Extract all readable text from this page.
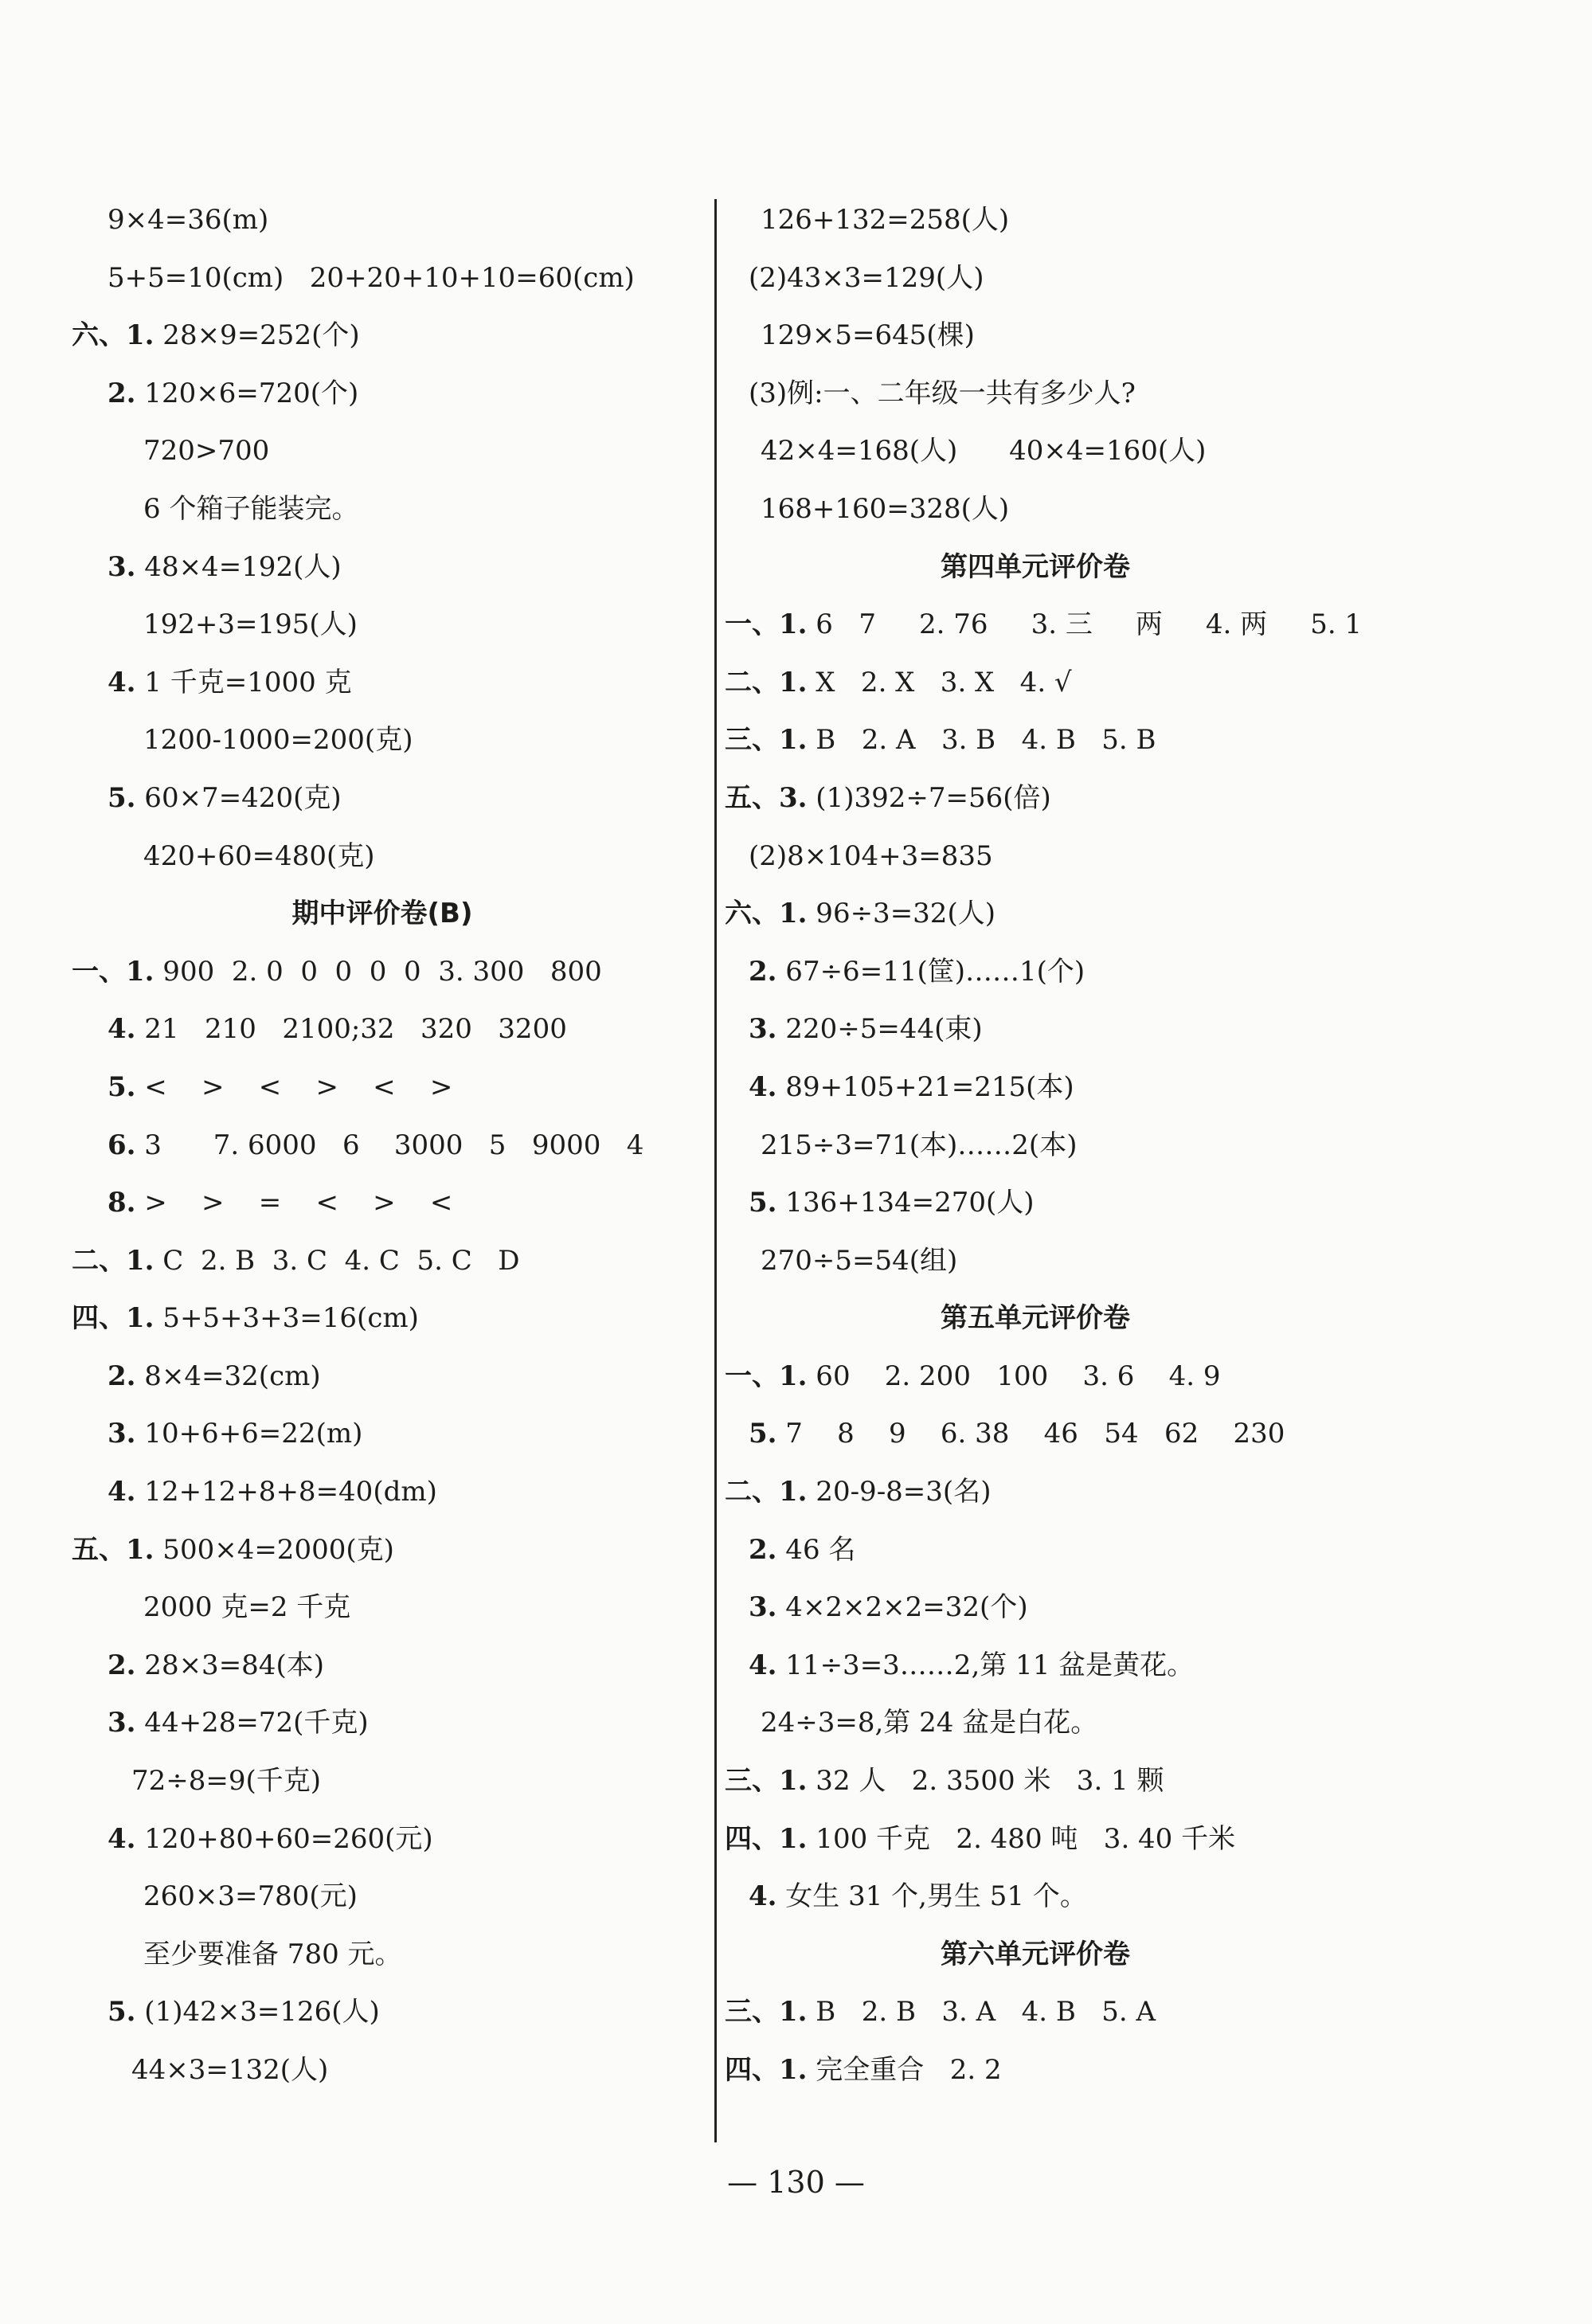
9×4=36(m)
5+5=10(cm)   20+20+10+10=60(cm)
六、1. 28×9=252(个)
2. 120×6=720(个)
720>700
6 个箱子能装完。
3. 48×4=192(人)
192+3=195(人)
4. 1 千克=1000 克
1200-1000=200(克)
5. 60×7=420(克)
420+60=480(克)
期中评价卷(B)
一、1. 900  2. 0  0  0  0  0  3. 300   800
4. 21   210   2100;32   320   3200
5. <    >    <    >    <    >
6. 3      7. 6000   6    3000   5   9000   4
8. >    >    =    <    >    <
二、1. C  2. B  3. C  4. C  5. C   D
四、1. 5+5+3+3=16(cm)
2. 8×4=32(cm)
3. 10+6+6=22(m)
4. 12+12+8+8=40(dm)
五、1. 500×4=2000(克)
2000 克=2 千克
2. 28×3=84(本)
3. 44+28=72(千克)
72÷8=9(千克)
4. 120+80+60=260(元)
260×3=780(元)
至少要准备 780 元。
5. (1)42×3=126(人)
44×3=132(人)
126+132=258(人)
(2)43×3=129(人)
129×5=645(棵)
(3)例:一、二年级一共有多少人?
42×4=168(人)      40×4=160(人)
168+160=328(人)
第四单元评价卷
一、1. 6   7     2. 76     3. 三     两     4. 两     5. 1
二、1. X   2. X   3. X   4. √
三、1. B   2. A   3. B   4. B   5. B
五、3. (1)392÷7=56(倍)
(2)8×104+3=835
六、1. 96÷3=32(人)
2. 67÷6=11(筐)……1(个)
3. 220÷5=44(束)
4. 89+105+21=215(本)
215÷3=71(本)……2(本)
5. 136+134=270(人)
270÷5=54(组)
第五单元评价卷
一、1. 60    2. 200   100    3. 6    4. 9
5. 7    8    9    6. 38    46   54   62    230
二、1. 20-9-8=3(名)
2. 46 名
3. 4×2×2×2=32(个)
4. 11÷3=3……2,第 11 盆是黄花。
24÷3=8,第 24 盆是白花。
三、1. 32 人   2. 3500 米   3. 1 颗
四、1. 100 千克   2. 480 吨   3. 40 千米
4. 女生 31 个,男生 51 个。
第六单元评价卷
三、1. B   2. B   3. A   4. B   5. A
四、1. 完全重合   2. 2
— 130 —
